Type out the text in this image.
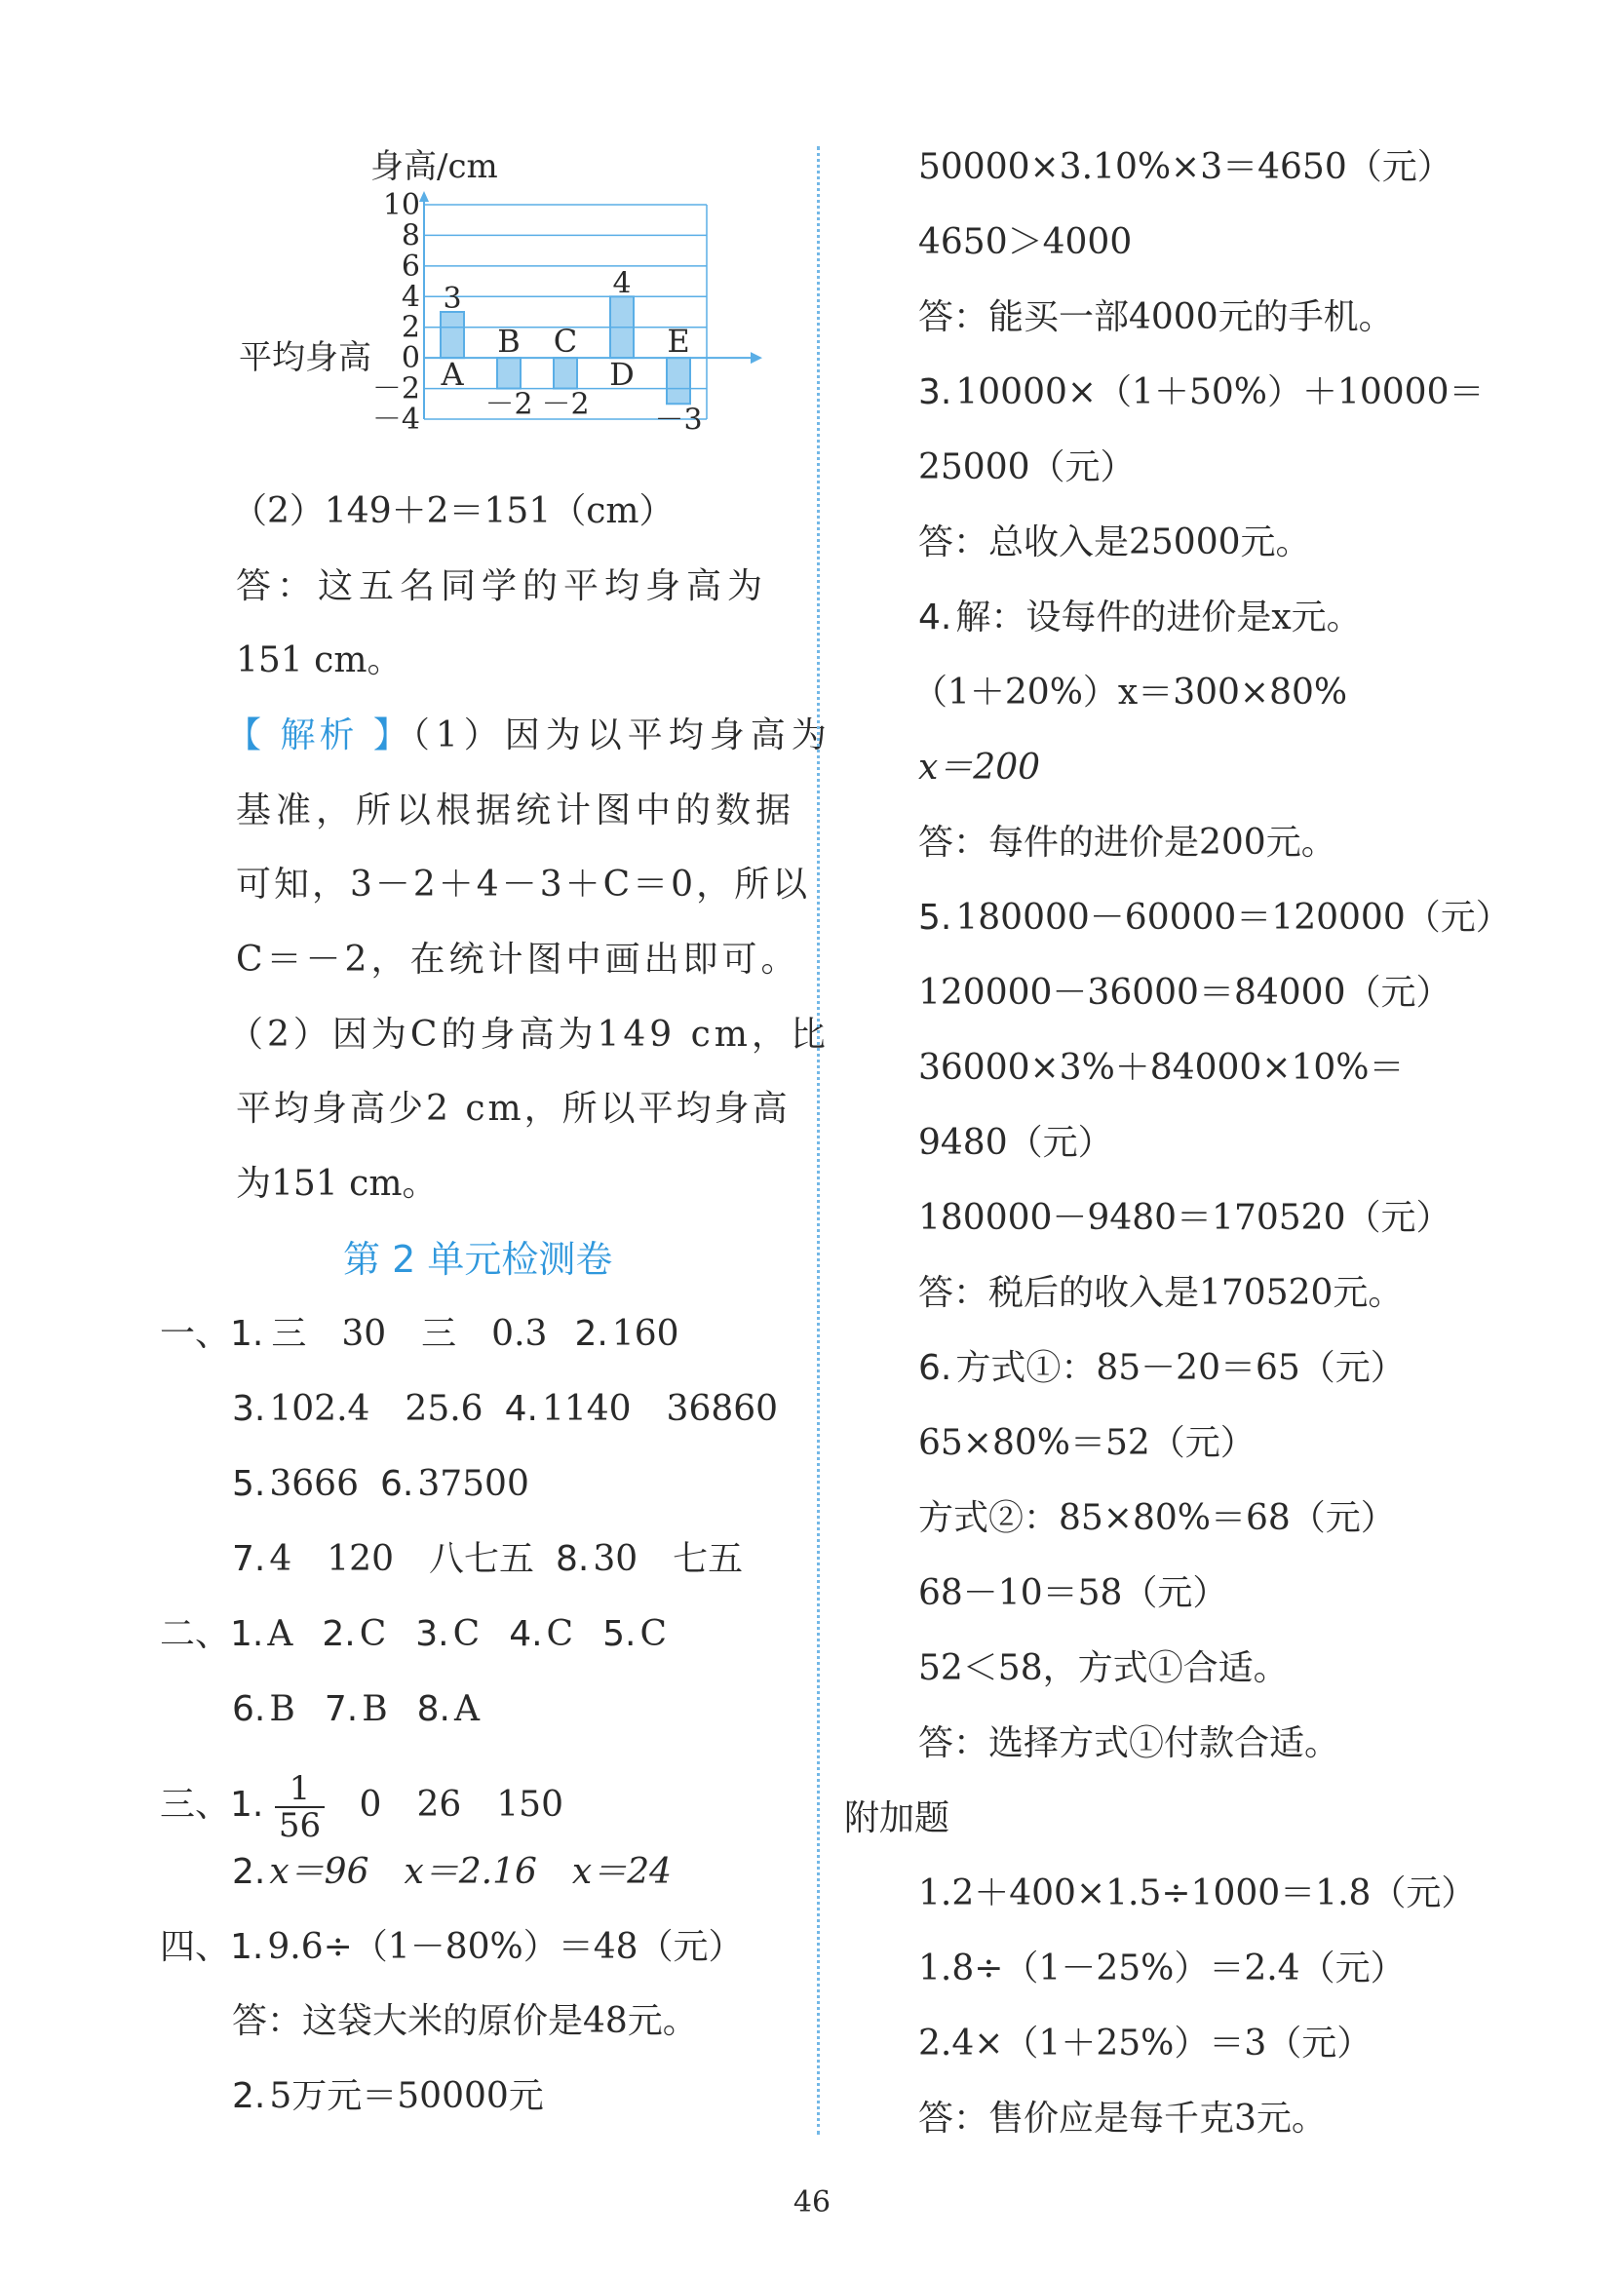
身高/cm
10
8
6
4
2
0
－2
－4
平均身高 A
B C
D
E
3
－2 －2
4
－3
（2）149＋2＝151（cm）
答：这五名同学的平均身高为
151 cm。
【 解析 】（1）因为以平均身高为
基准，所以根据统计图中的数据
可知，3－2＋4－3＋C＝0，所以
C＝－2，在统计图中画出即可。
（2）因为C的身高为149 cm，比
平均身高少2 cm，所以平均身高
为151 cm。
第 2 单元检测卷
一、1. 三　30　三　0.3 2. 160
3. 102.4　25.6 4. 1140　36860
5. 3666 6. 37500
7. 4　120　八七五 8. 30　七五
二、1. A 2. C 3. C 4. C 5. C
6. B 7. B 8. A
三、1. $\frac{1}{56} 0$　26　150
2. x＝96　x＝2.16　x＝24
四、1. 9.6÷（1－80%）＝48（元）
答：这袋大米的原价是48元。
2. 5万元＝50000元
50000×3.10%×3＝4650（元）
4650＞4000
答：能买一部4000元的手机。
3. 10000×（1＋50%）＋10000＝
25000（元）
答：总收入是25000元。
4. 解：设每件的进价是x元。
（1＋20%）x＝300×80%
x＝200
答：每件的进价是200元。
5. 180000－60000＝120000（元）
120000－36000＝84000（元）
36000×3%＋84000×10%＝
9480（元）
180000－9480＝170520（元）
答：税后的收入是170520元。
6. 方式①：85－20＝65（元）
65×80%＝52（元）
方式②：85×80%＝68（元）
68－10＝58（元）
52＜58，方式①合适。
答：选择方式①付款合适。
附加题
1.2＋400×1.5÷1000＝1.8（元）
1.8÷（1－25%）＝2.4（元）
2.4×（1＋25%）＝3（元）
答：售价应是每千克3元。
46
